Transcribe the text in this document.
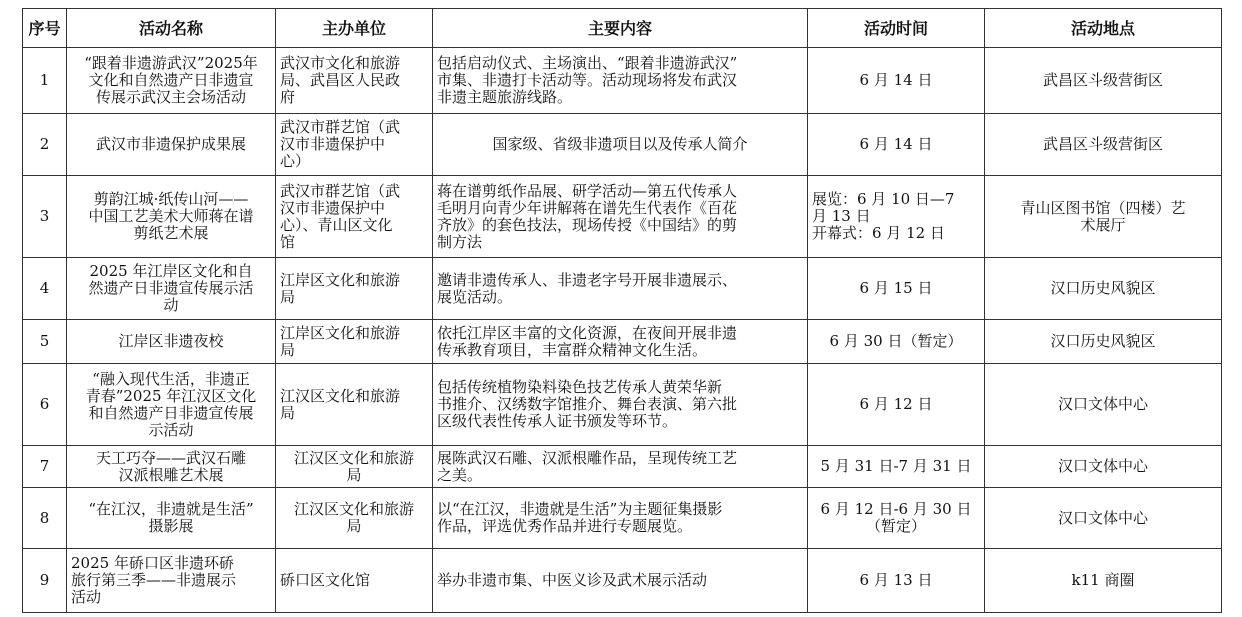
序号	活动名称	主办单位	主要内容	活动时间	活动地点
1	“跟着非遗游武汉”2025年
文化和自然遗产日非遗宣
传展示武汉主会场活动	武汉市文化和旅游
局、武昌区人民政
府	包括启动仪式、主场演出、“跟着非遗游武汉”
市集、非遗打卡活动等。活动现场将发布武汉
非遗主题旅游线路。	6 月 14 日	武昌区斗级营街区
2	武汉市非遗保护成果展	武汉市群艺馆（武
汉市非遗保护中
心）	国家级、省级非遗项目以及传承人简介	6 月 14 日	武昌区斗级营街区
3	剪韵江城·纸传山河——
中国工艺美术大师蒋在谱
剪纸艺术展	武汉市群艺馆（武
汉市非遗保护中
心）、青山区文化
馆	蒋在谱剪纸作品展、研学活动—第五代传承人
毛明月向青少年讲解蒋在谱先生代表作《百花
齐放》的套色技法，现场传授《中国结》的剪
制方法	展览：6 月 10 日—7
月 13 日
开幕式：6 月 12 日	青山区图书馆（四楼）艺
术展厅
4	2025 年江岸区文化和自
然遗产日非遗宣传展示活
动	江岸区文化和旅游
局	邀请非遗传承人、非遗老字号开展非遗展示、
展览活动。	6 月 15 日	汉口历史风貌区
5	江岸区非遗夜校	江岸区文化和旅游
局	依托江岸区丰富的文化资源，在夜间开展非遗
传承教育项目，丰富群众精神文化生活。	6 月 30 日（暂定）	汉口历史风貌区
6	“融入现代生活，非遗正
青春”2025 年江汉区文化
和自然遗产日非遗宣传展
示活动	江汉区文化和旅游
局	包括传统植物染料染色技艺传承人黄荣华新
书推介、汉绣数字馆推介、舞台表演、第六批
区级代表性传承人证书颁发等环节。	6 月 12 日	汉口文体中心
7	天工巧夺——武汉石雕
汉派根雕艺术展	江汉区文化和旅游
局	展陈武汉石雕、汉派根雕作品，呈现传统工艺
之美。	5 月 31 日-7 月 31 日	汉口文体中心
8	“在江汉，非遗就是生活”
摄影展	江汉区文化和旅游
局	以“在江汉，非遗就是生活”为主题征集摄影
作品，评选优秀作品并进行专题展览。	6 月 12 日-6 月 30 日
（暂定）	汉口文体中心
9	2025 年硚口区非遗环硚
旅行第三季——非遗展示
活动	硚口区文化馆	举办非遗市集、中医义诊及武术展示活动	6 月 13 日	k11 商圈
